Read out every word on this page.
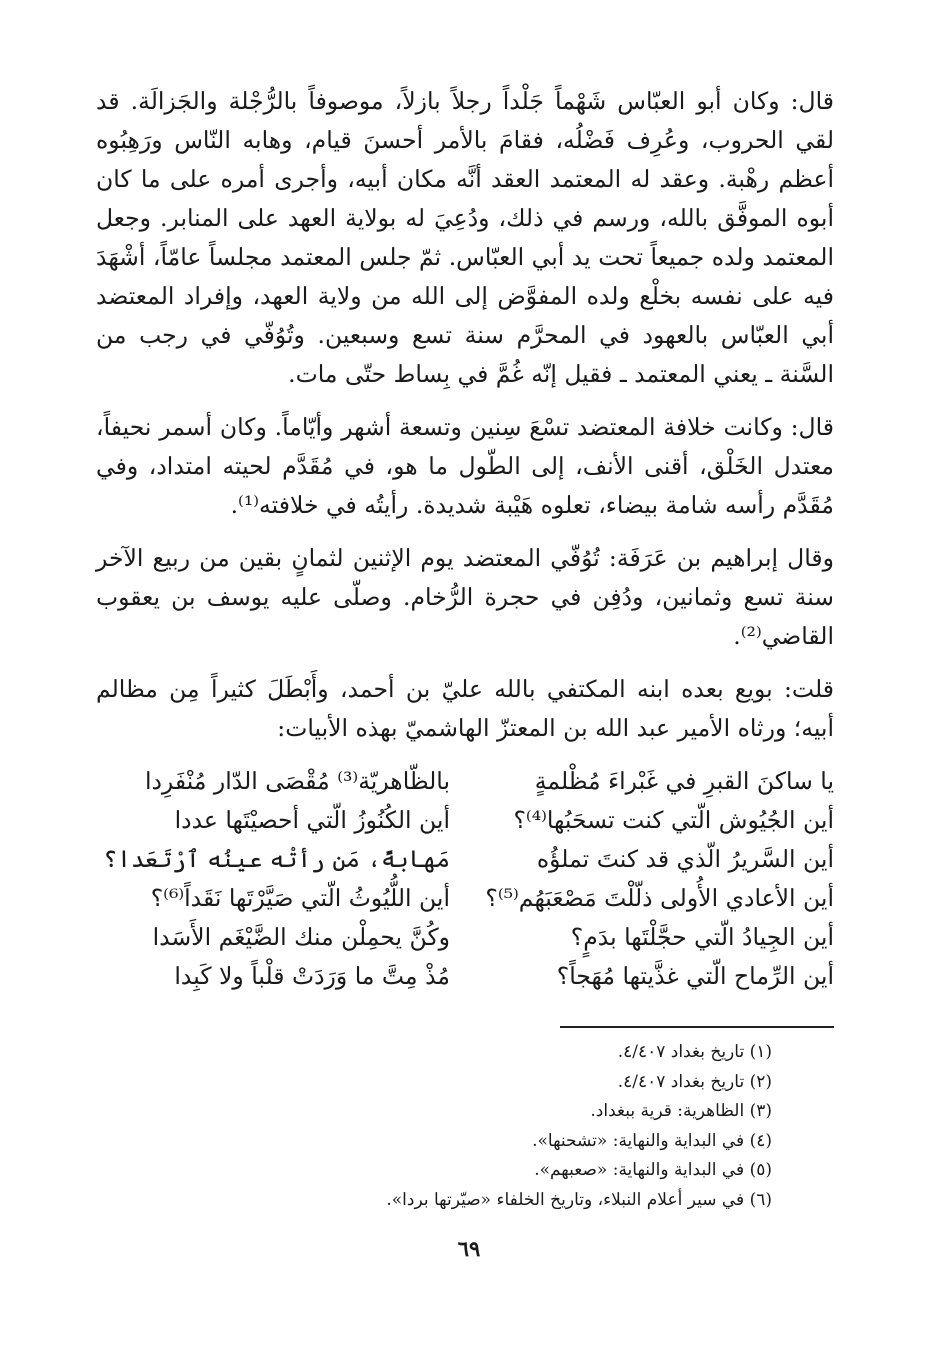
قال: وكان أبو العبّاس شَهْماً جَلْداً رجلاً بازلاً، موصوفاً بالرُّجْلة والجَزالَة. قد لقي الحروب، وعُرِف فَضْلُه، فقامَ بالأمر أحسنَ قيام، وهابه النّاس ورَهِبُوه أعظم رهْبة. وعقد له المعتمد العقد أنَّه مكان أبيه، وأجرى أمره على ما كان أبوه الموفَّق بالله، ورسم في ذلك، ودُعِيَ له بولاية العهد على المنابر. وجعل المعتمد ولده جميعاً تحت يد أبي العبّاس. ثمّ جلس المعتمد مجلساً عامّاً، أشْهَدَ فيه على نفسه بخلْع ولده المفوَّض إلى الله من ولاية العهد، وإفراد المعتضد أبي العبّاس بالعهود في المحرَّم سنة تسع وسبعين. وتُوُفّي في رجب من السَّنة ـ يعني المعتمد ـ فقيل إنّه غُمَّ في بِساط حتّى مات.

قال: وكانت خلافة المعتضد تسْعَ سِنين وتسعة أشهر وأيّاماً. وكان أسمر نحيفاً، معتدل الخَلْق، أقنى الأنف، إلى الطّول ما هو، في مُقَدَّم لحيته امتداد، وفي مُقَدَّم رأسه شامة بيضاء، تعلوه هَيْبة شديدة. رأيتُه في خلافته⁽¹⁾.

وقال إبراهيم بن عَرَفَة: تُوُفّي المعتضد يوم الإثنين لثمانٍ بقين من ربيع الآخر سنة تسع وثمانين، ودُفِن في حجرة الرُّخام. وصلّى عليه يوسف بن يعقوب القاضي⁽²⁾.

قلت: بويع بعده ابنه المكتفي بالله عليّ بن أحمد، وأَبْطَلَ كثيراً مِن مظالم أبيه؛ ورثاه الأمير عبد الله بن المعتزّ الهاشميّ بهذه الأبيات:

يا ساكنَ القبرِ في غَبْراءَ مُظْلمةٍ
بالظّاهريّة⁽³⁾ مُقْصَى الدّار مُنْفَرِدا
أين الجُيُوش الّتي كنت تسحَبُها⁽⁴⁾؟
أين الكُنُوزُ الّتي أحصيْتَها عددا
أين السَّريرُ الّذي قد كنتَ تملؤُه
مَهابةً، مَن رأتْه عينُه ٱرْتَعَدا؟
أين الأعادي الأُولى ذلّلْتَ مَصْعَبَهُم⁽⁵⁾؟
أين اللُّيُوثُ الّتي صَيَّرْتَها نَقَداً⁽⁶⁾؟
أين الجِيادُ الّتي حجَّلْتَها بدَمٍ؟
وكُنَّ يحمِلْن منك الضَّيْغَم الأَسَدا
أين الرِّماح الّتي غذَّيتها مُهَجاً؟
مُذْ مِتَّ ما وَرَدَتْ قلْباً ولا كَبِدا
(١) تاريخ بغداد ٤/٤٠٧.
(٢) تاريخ بغداد ٤/٤٠٧.
(٣) الظاهرية: قرية ببغداد.
(٤) في البداية والنهاية: «تشحنها».
(٥) في البداية والنهاية: «صعبهم».
(٦) في سير أعلام النبلاء، وتاريخ الخلفاء «صيّرتها بردا».
٦٩
